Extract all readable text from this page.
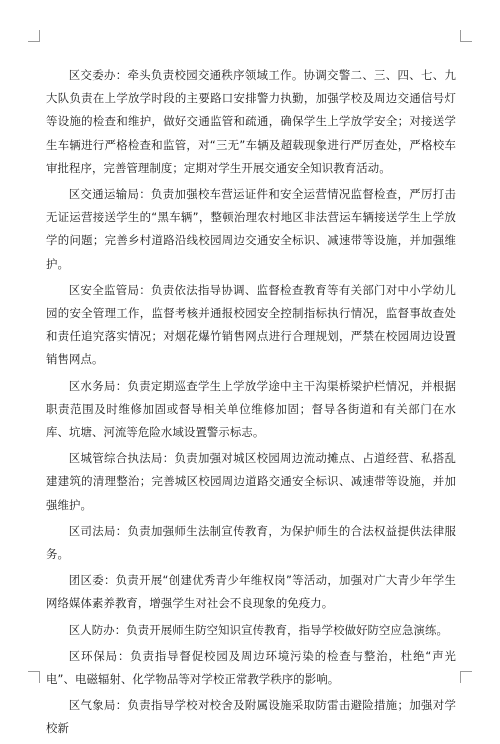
区交委办：牵头负责校园交通秩序领域工作。协调交警二、三、四、七、九大队负责在上学放学时段的主要路口安排警力执勤，加强学校及周边交通信号灯等设施的检查和维护，做好交通监管和疏通，确保学生上学放学安全；对接送学生车辆进行严格检查和监管，对“三无”车辆及超载现象进行严厉查处，严格校车审批程序，完善管理制度；定期对学生开展交通安全知识教育活动。

区交通运输局：负责加强校车营运证件和安全运营情况监督检查，严厉打击无证运营接送学生的“黑车辆”，整顿治理农村地区非法营运车辆接送学生上学放学的问题；完善乡村道路沿线校园周边交通安全标识、减速带等设施，并加强维护。

区安全监管局：负责依法指导协调、监督检查教育等有关部门对中小学幼儿园的安全管理工作，监督考核并通报校园安全控制指标执行情况，监督事故查处和责任追究落实情况；对烟花爆竹销售网点进行合理规划，严禁在校园周边设置销售网点。

区水务局：负责定期巡查学生上学放学途中主干沟渠桥梁护栏情况，并根据职责范围及时维修加固或督导相关单位维修加固；督导各街道和有关部门在水库、坑塘、河流等危险水域设置警示标志。

区城管综合执法局：负责加强对城区校园周边流动摊点、占道经营、私搭乱建建筑的清理整治；完善城区校园周边道路交通安全标识、减速带等设施，并加强维护。

区司法局：负责加强师生法制宣传教育，为保护师生的合法权益提供法律服务。

团区委：负责开展“创建优秀青少年维权岗”等活动，加强对广大青少年学生网络媒体素养教育，增强学生对社会不良现象的免疫力。

区人防办：负责开展师生防空知识宣传教育，指导学校做好防空应急演练。

区环保局：负责指导督促校园及周边环境污染的检查与整治，杜绝“声光电”、电磁辐射、化学物品等对学校正常教学秩序的影响。

区气象局：负责指导学校对校舍及附属设施采取防雷击避险措施；加强对学校新
